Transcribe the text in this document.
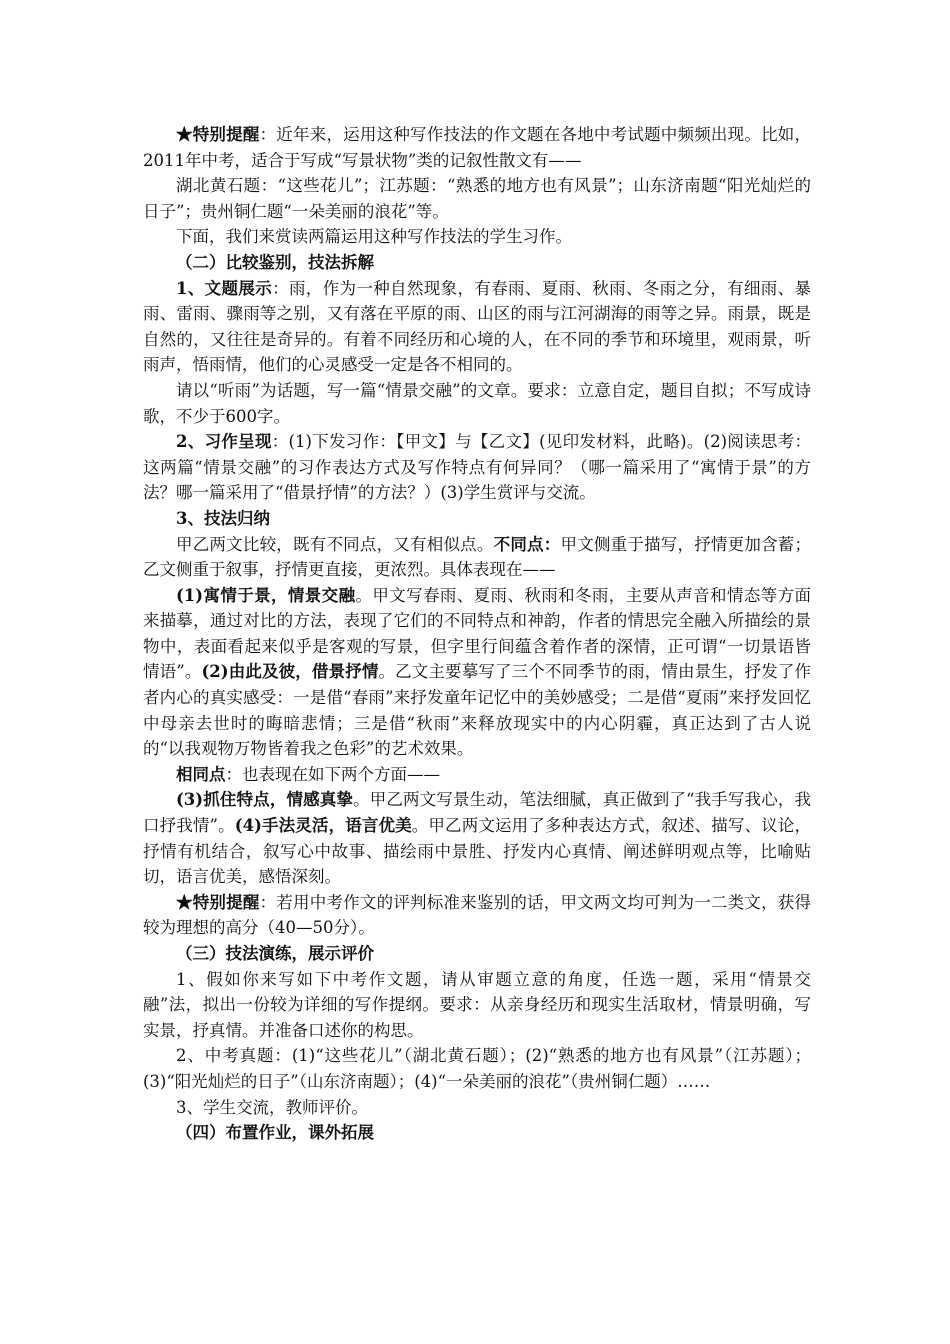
★特别提醒：近年来，运用这种写作技法的作文题在各地中考试题中频频出现。比如，2011年中考，适合于写成“写景状物”类的记叙性散文有——

湖北黄石题：“这些花儿”；江苏题：“熟悉的地方也有风景”；山东济南题“阳光灿烂的日子”；贵州铜仁题“一朵美丽的浪花”等。

下面，我们来赏读两篇运用这种写作技法的学生习作。

（二）比较鉴别，技法拆解

1、文题展示：雨，作为一种自然现象，有春雨、夏雨、秋雨、冬雨之分，有细雨、暴雨、雷雨、骤雨等之别，又有落在平原的雨、山区的雨与江河湖海的雨等之异。雨景，既是自然的，又往往是奇异的。有着不同经历和心境的人，在不同的季节和环境里，观雨景，听雨声，悟雨情，他们的心灵感受一定是各不相同的。

请以“听雨”为话题，写一篇“情景交融”的文章。要求：立意自定，题目自拟；不写成诗歌，不少于600字。

2、习作呈现：(1)下发习作：【甲文】与【乙文】(见印发材料，此略)。(2)阅读思考：这两篇“情景交融”的习作表达方式及写作特点有何异同？（哪一篇采用了“寓情于景”的方法？哪一篇采用了“借景抒情”的方法？）(3)学生赏评与交流。

3、技法归纳

甲乙两文比较，既有不同点，又有相似点。不同点：甲文侧重于描写，抒情更加含蓄；乙文侧重于叙事，抒情更直接，更浓烈。具体表现在——

(1)寓情于景，情景交融。甲文写春雨、夏雨、秋雨和冬雨，主要从声音和情态等方面来描摹，通过对比的方法，表现了它们的不同特点和神韵，作者的情思完全融入所描绘的景物中，表面看起来似乎是客观的写景，但字里行间蕴含着作者的深情，正可谓“一切景语皆情语”。(2)由此及彼，借景抒情。乙文主要摹写了三个不同季节的雨，情由景生，抒发了作者内心的真实感受：一是借“春雨”来抒发童年记忆中的美妙感受；二是借“夏雨”来抒发回忆中母亲去世时的晦暗悲情；三是借“秋雨”来释放现实中的内心阴霾，真正达到了古人说的“以我观物万物皆着我之色彩”的艺术效果。

相同点：也表现在如下两个方面——

(3)抓住特点，情感真挚。甲乙两文写景生动，笔法细腻，真正做到了“我手写我心，我口抒我情”。(4)手法灵活，语言优美。甲乙两文运用了多种表达方式，叙述、描写、议论，抒情有机结合，叙写心中故事、描绘雨中景胜、抒发内心真情、阐述鲜明观点等，比喻贴切，语言优美，感悟深刻。

★特别提醒：若用中考作文的评判标准来鉴别的话，甲文两文均可判为一二类文，获得较为理想的高分（40—50分）。

（三）技法演练，展示评价

1、假如你来写如下中考作文题，请从审题立意的角度，任选一题，采用“情景交融”法，拟出一份较为详细的写作提纲。要求：从亲身经历和现实生活取材，情景明确，写实景，抒真情。并准备口述你的构思。

2、中考真题：(1)“这些花儿”（湖北黄石题）；(2)“熟悉的地方也有风景”（江苏题）；(3)“阳光灿烂的日子”（山东济南题）；(4)“一朵美丽的浪花”（贵州铜仁题）……

3、学生交流，教师评价。

（四）布置作业，课外拓展
